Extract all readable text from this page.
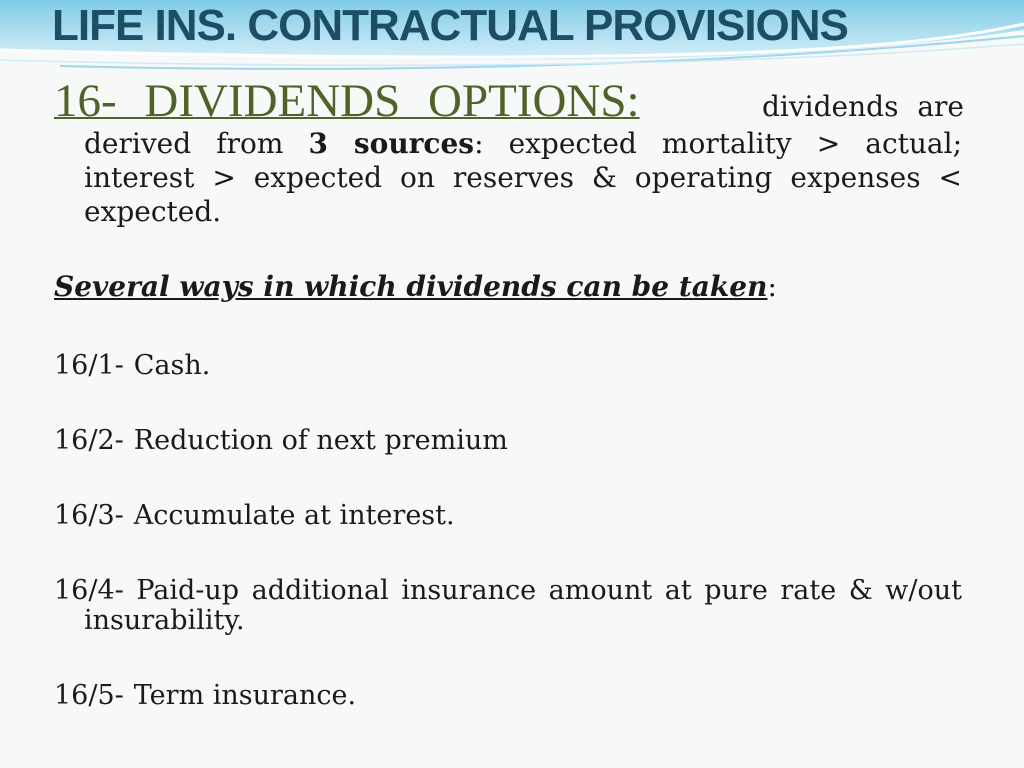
LIFE INS. CONTRACTUAL PROVISIONS
16- DIVIDENDS OPTIONS:	dividends are
derived from 3 sources: expected mortality > actual;
interest > expected on reserves & operating expenses <
expected.
Several ways in which dividends can be taken:
16/1- Cash.
16/2- Reduction of next premium
16/3- Accumulate at interest.
16/4- Paid-up additional insurance amount at pure rate & w/out
insurability.
16/5- Term insurance.
